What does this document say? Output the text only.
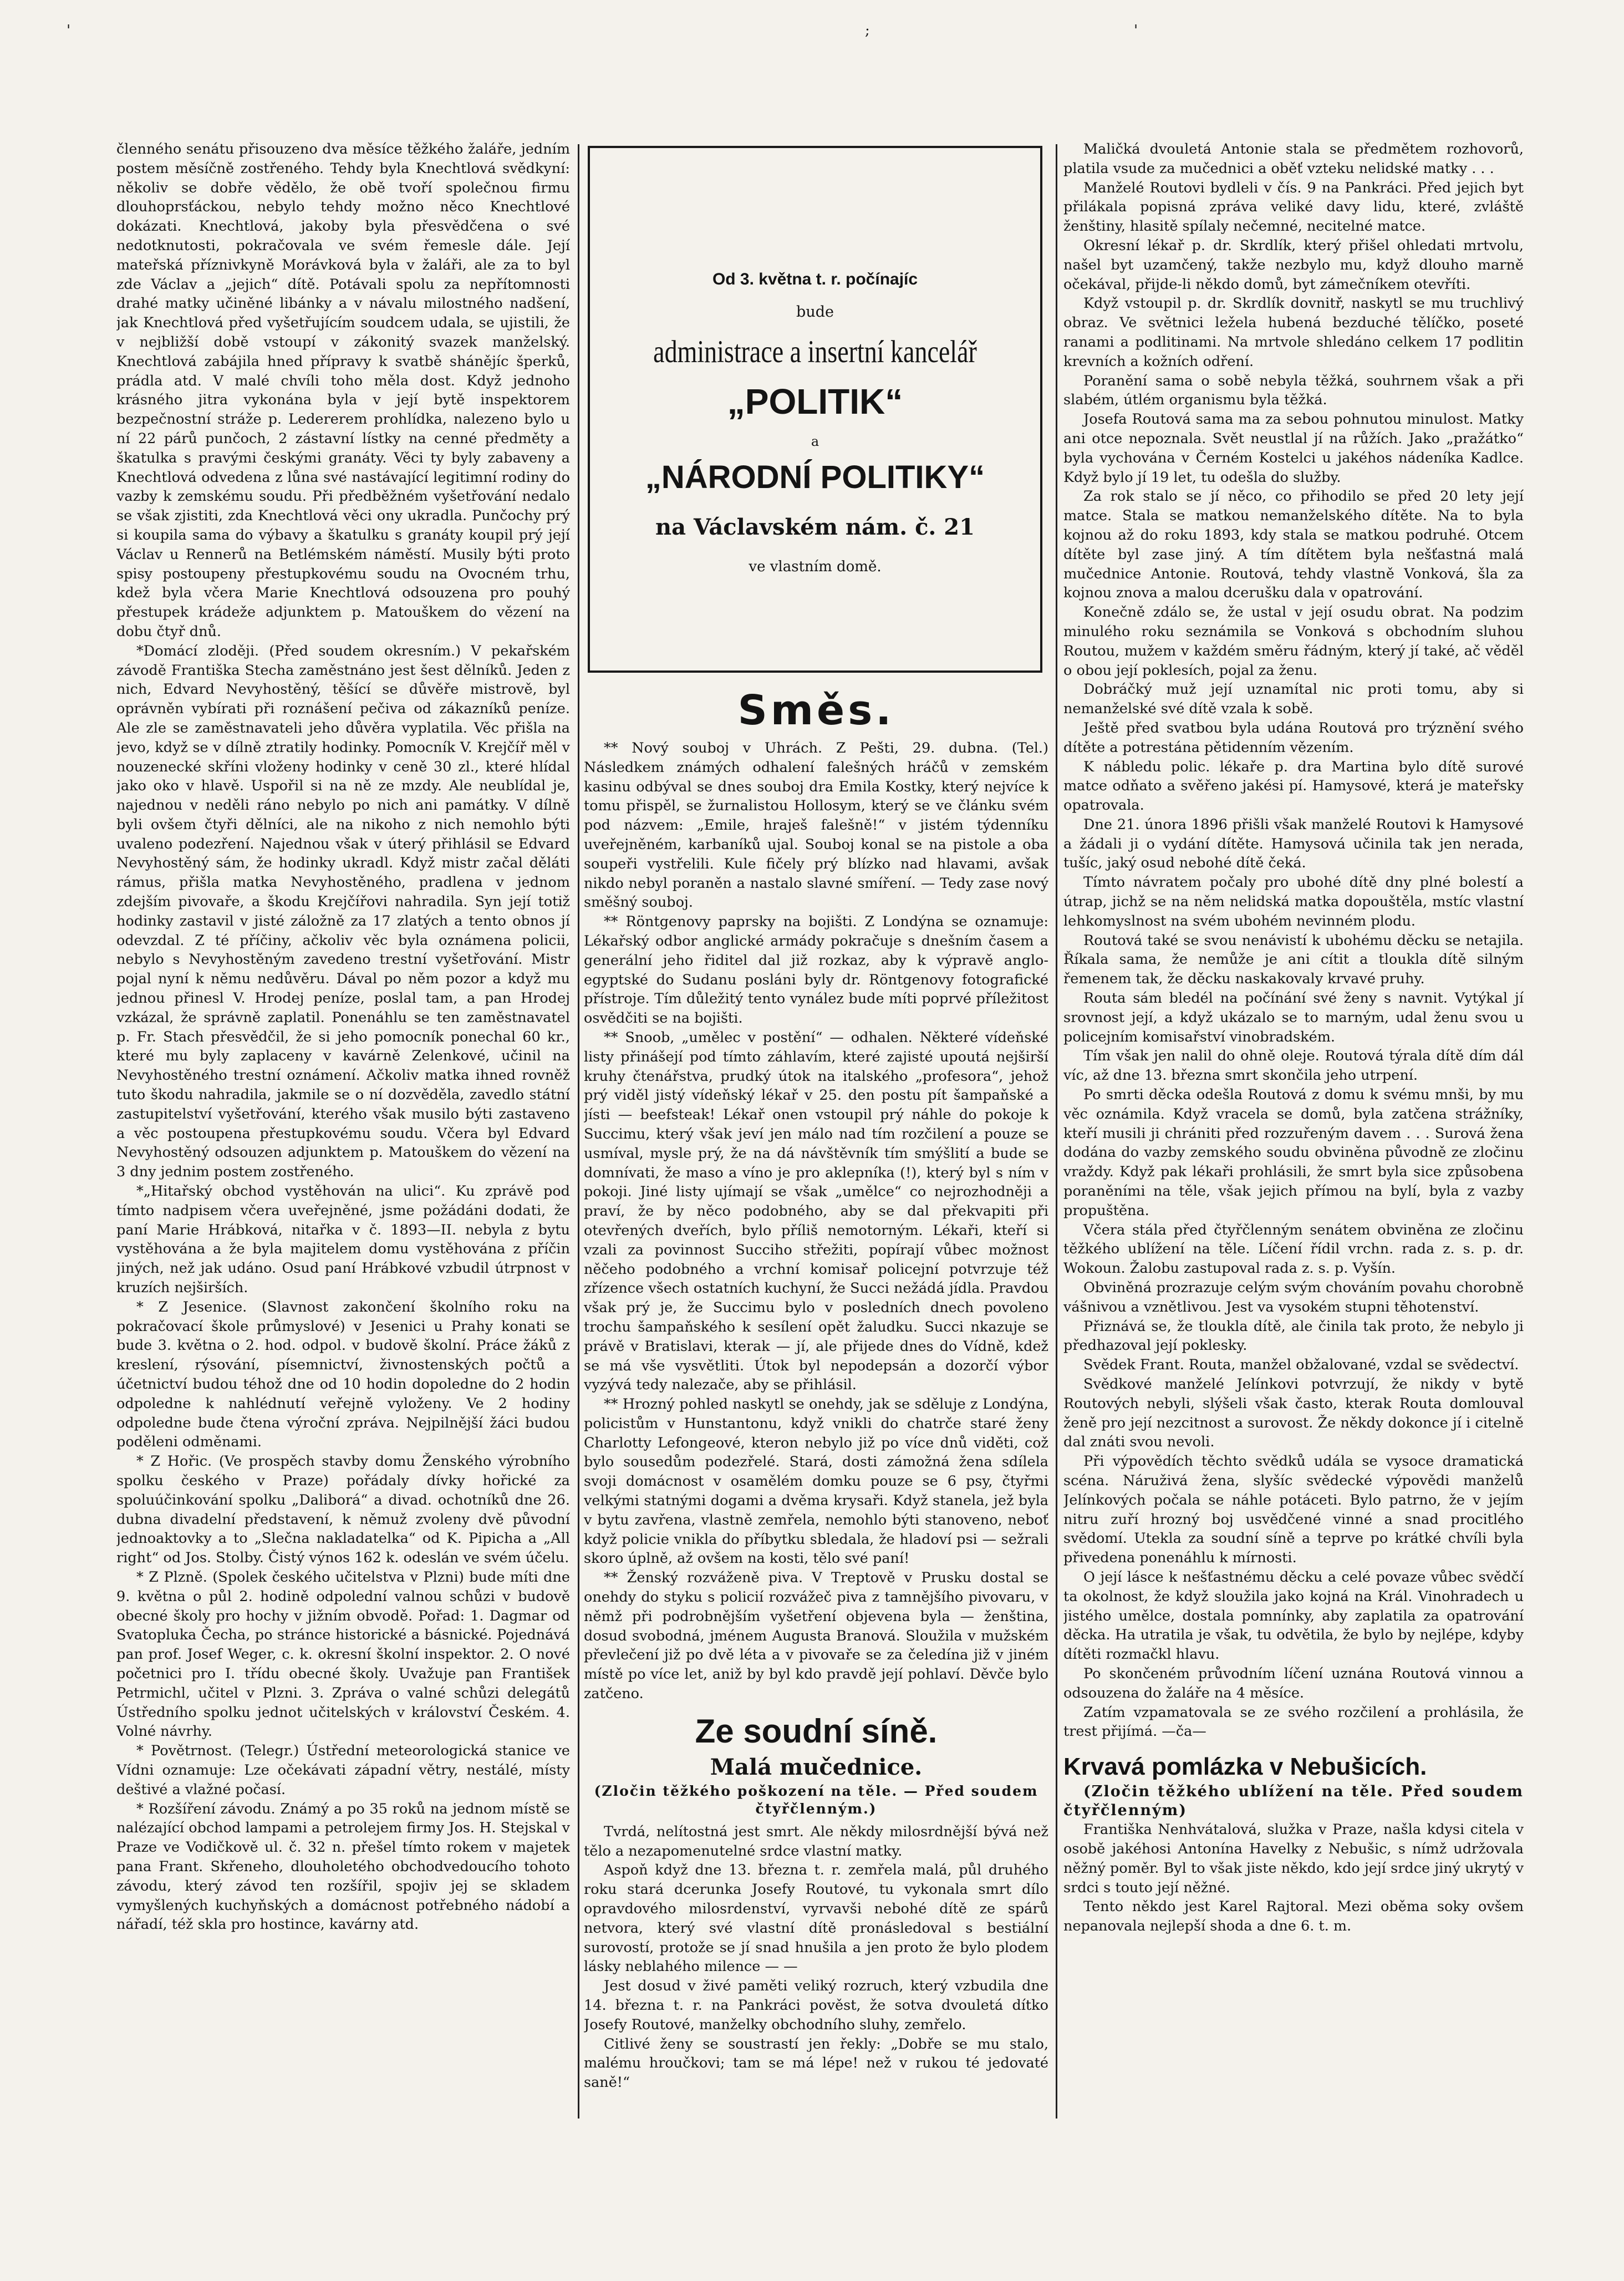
'	;	'

členného senátu přisouzeno dva měsíce těžkého žaláře, jedním postem měsíčně zostřeného. Tehdy byla Knechtlová svědkyní: několiv se dobře vědělo, že obě tvoří společnou firmu dlouhoprsťáckou, nebylo tehdy možno něco Knechtlové dokázati. Knechtlová, jakoby byla přesvědčena o své nedotknutosti, pokračovala ve svém řemesle dále. Její mateřská příznivkyně Morávková byla v žaláři, ale za to byl zde Václav a „jejich“ dítě. Potávali spolu za nepřítomnosti drahé matky učiněné libánky a v návalu milostného nadšení, jak Knechtlová před vyšetřujícím soudcem udala, se ujistili, že v nejbližší době vstoupí v zákonitý svazek manželský. Knechtlová zabájila hned přípravy k svatbě shánějíc šperků, prádla atd. V malé chvíli toho měla dost. Když jednoho krásného jitra vykonána byla v její bytě inspektorem bezpečnostní stráže p. Ledererem prohlídka, nalezeno bylo u ní 22 párů punčoch, 2 zástavní lístky na cenné předměty a škatulka s pravými českými granáty. Věci ty byly zabaveny a Knechtlová odvedena z lůna své nastávající legitimní rodiny do vazby k zemskému soudu. Při předběžném vyšetřování nedalo se však zjistiti, zda Knechtlová věci ony ukradla. Punčochy prý si koupila sama do výbavy a škatulku s granáty koupil prý její Václav u Rennerů na Betlémském náměstí. Musily býti proto spisy postoupeny přestupkovému soudu na Ovocném trhu, kdež byla včera Marie Knechtlová odsouzena pro pouhý přestupek krádeže adjunktem p. Matouškem do vězení na dobu čtyř dnů.

*Domácí zloději. (Před soudem okresním.) V pekařském závodě Františka Stecha zaměstnáno jest šest dělníků. Jeden z nich, Edvard Nevyhostěný, těšící se důvěře mistrově, byl oprávněn vybírati při roznášení pečiva od zákazníků peníze. Ale zle se zaměstnavateli jeho důvěra vyplatila. Věc přišla na jevo, když se v dílně ztratily hodinky. Pomocník V. Krejčíř měl v nouzenecké skříni vloženy hodinky v ceně 30 zl., které hlídal jako oko v hlavě. Uspořil si na ně ze mzdy. Ale neublídal je, najednou v neděli ráno nebylo po nich ani památky. V dílně byli ovšem čtyři dělníci, ale na nikoho z nich nemohlo býti uvaleno podezření. Najednou však v úterý přihlásil se Edvard Nevyhostěný sám, že hodinky ukradl. Když mistr začal děláti rámus, přišla matka Nevyhostěného, pradlena v jednom zdejším pivovaře, a škodu Krejčířovi nahradila. Syn její totiž hodinky zastavil v jisté záložně za 17 zlatých a tento obnos jí odevzdal. Z té příčiny, ačkoliv věc byla oznámena policii, nebylo s Nevyhostěným zavedeno trestní vyšetřování. Mistr pojal nyní k němu nedůvěru. Dával po něm pozor a když mu jednou přinesl V. Hrodej peníze, poslal tam, a pan Hrodej vzkázal, že správně zaplatil. Ponenáhlu se ten zaměstnavatel p. Fr. Stach přesvědčil, že si jeho pomocník ponechal 60 kr., které mu byly zaplaceny v kavárně Zelenkové, učinil na Nevyhostěného trestní oznámení. Ačkoliv matka ihned rovněž tuto škodu nahradila, jakmile se o ní dozvěděla, zavedlo státní zastupitelství vyšetřování, kterého však musilo býti zastaveno a věc postoupena přestupkovému soudu. Včera byl Edvard Nevyhostěný odsouzen adjunktem p. Matouškem do vězení na 3 dny jednim postem zostřeného.

*„Hitařský obchod vystěhován na ulici“. Ku zprávě pod tímto nadpisem včera uveřejněné, jsme požádáni dodati, že paní Marie Hrábková, nitařka v č. 1893—II. nebyla z bytu vystěhována a že byla majitelem domu vystěhována z příčin jiných, než jak udáno. Osud paní Hrábkové vzbudil útrpnost v kruzích nejširších.

* Z Jesenice. (Slavnost zakončení školního roku na pokračovací škole průmyslové) v Jesenici u Prahy konati se bude 3. května o 2. hod. odpol. v budově školní. Práce žáků z kreslení, rýsování, písemnictví, živnostenských počtů a účetnictví budou téhož dne od 10 hodin dopoledne do 2 hodin odpoledne k nahlédnutí veřejně vyloženy. Ve 2 hodiny odpoledne bude čtena výroční zpráva. Nejpilnější žáci budou poděleni odměnami.

* Z Hořic. (Ve prospěch stavby domu Ženského výrobního spolku českého v Praze) pořádaly dívky hořické za spoluúčinkování spolku „Daliborá“ a divad. ochotníků dne 26. dubna divadelní představení, k němuž zvoleny dvě původní jednoaktovky a to „Slečna nakladatelka“ od K. Pipicha a „All right“ od Jos. Stolby. Čistý výnos 162 k. odeslán ve svém účelu.

* Z Plzně. (Spolek českého učitelstva v Plzni) bude míti dne 9. května o půl 2. hodině odpolední valnou schůzi v budově obecné školy pro hochy v jižním obvodě. Pořad: 1. Dagmar od Svatopluka Čecha, po stránce historické a básnické. Pojednává pan prof. Josef Weger, c. k. okresní školní inspektor. 2. O nové početnici pro I. třídu obecné školy. Uvažuje pan František Petrmichl, učitel v Plzni. 3. Zpráva o valné schůzi delegátů Ústředního spolku jednot učitelských v království Českém. 4. Volné návrhy.

* Povětrnost. (Telegr.) Ústřední meteorologická stanice ve Vídni oznamuje: Lze očekávati západní větry, nestálé, místy deštivé a vlažné počasí.

* Rozšíření závodu. Známý a po 35 roků na jednom místě se nalézající obchod lampami a petrolejem firmy Jos. H. Stejskal v Praze ve Vodičkově ul. č. 32 n. přešel tímto rokem v majetek pana Frant. Skřeneho, dlouholetého obchodvedoucího tohoto závodu, který závod ten rozšířil, spojiv jej se skladem vymyšlených kuchyňských a domácnost potřebného nádobí a nářadí, též skla pro hostince, kavárny atd.

Od 3. května t. r. počínajíc
bude
administrace a insertní kancelář
„POLITIK“
a
„NÁRODNÍ POLITIKY“
na Václavském nám. č. 21
ve vlastním domě.
Směs.

** Nový souboj v Uhrách. Z Pešti, 29. dubna. (Tel.) Následkem známých odhalení falešných hráčů v zemském kasinu odbýval se dnes souboj dra Emila Kostky, který nejvíce k tomu přispěl, se žurnalistou Hollosym, který se ve článku svém pod názvem: „Emile, hraješ falešně!“ v jistém týdenníku uveřejněném, karbaníků ujal. Souboj konal se na pistole a oba soupeři vystřelili. Kule fičely prý blízko nad hlavami, avšak nikdo nebyl poraněn a nastalo slavné smíření. — Tedy zase nový směšný souboj.

** Röntgenovy paprsky na bojišti. Z Londýna se oznamuje: Lékařský odbor anglické armády pokračuje s dnešním časem a generální jeho řiditel dal již rozkaz, aby k výpravě anglo-egyptské do Sudanu posláni byly dr. Röntgenovy fotografické přístroje. Tím důležitý tento vynález bude míti poprvé příležitost osvědčiti se na bojišti.

** Snoob, „umělec v postění“ — odhalen. Některé vídeňské listy přinášejí pod tímto záhlavím, které zajisté upoutá nejširší kruhy čtenářstva, prudký útok na italského „profesora“, jehož prý viděl jistý vídeňský lékař v 25. den postu pít šampaňské a jísti — beefsteak! Lékař onen vstoupil prý náhle do pokoje k Succimu, který však jeví jen málo nad tím rozčilení a pouze se usmíval, mysle prý, že na dá návštěvník tím smýšlití a bude se domnívati, že maso a víno je pro aklepníka (!), který byl s ním v pokoji. Jiné listy ujímají se však „umělce“ co nejrozhodněji a praví, že by něco podobného, aby se dal překvapiti při otevřených dveřích, bylo příliš nemotorným. Lékaři, kteří si vzali za povinnost Succiho střežiti, popírají vůbec možnost něčeho podobného a vrchní komisař policejní potvrzuje též zřízence všech ostatních kuchyní, že Succi nežádá jídla. Pravdou však prý je, že Succimu bylo v posledních dnech povoleno trochu šampaňského k sesílení opět žaludku. Succi nkazuje se právě v Bratislavi, kterak — jí, ale přijede dnes do Vídně, kdež se má vše vysvětliti. Útok byl nepodepsán a dozorčí výbor vyzývá tedy nalezače, aby se přihlásil.

** Hrozný pohled naskytl se onehdy, jak se sděluje z Londýna, policistům v Hunstantonu, když vnikli do chatrče staré ženy Charlotty Lefongeové, kteron nebylo již po více dnů viděti, což bylo sousedům podezřelé. Stará, dosti zámožná žena sdílela svoji domácnost v osamělém domku pouze se 6 psy, čtyřmi velkými statnými dogami a dvěma krysaři. Když stanela, jež byla v bytu zavřena, vlastně zemřela, nemohlo býti stanoveno, neboť když policie vnikla do příbytku sbledala, že hladoví psi — sežrali skoro úplně, až ovšem na kosti, tělo své paní!

** Ženský rozváženě piva. V Treptově v Prusku dostal se onehdy do styku s policií rozvážeč piva z tamnějšího pivovaru, v němž při podrobnějším vyšetření objevena byla — ženština, dosud svobodná, jménem Augusta Branová. Sloužila v mužském převlečení již po dvě léta a v pivovaře se za čeledína již v jiném místě po více let, aniž by byl kdo pravdě její pohlaví. Děvče bylo zatčeno.

Ze soudní síně.
Malá mučednice.
(Zločin těžkého poškození na těle. — Před soudem čtyřčlenným.)

Tvrdá, nelítostná jest smrt. Ale někdy milosrdnější bývá než tělo a nezapomenutelné srdce vlastní matky.

Aspoň když dne 13. března t. r. zemřela malá, půl druhého roku stará dcerunka Josefy Routové, tu vykonala smrt dílo opravdového milosrdenství, vyrvavši nebohé dítě ze spárů netvora, který své vlastní dítě pronásledoval s bestiální surovostí, protože se jí snad hnušila a jen proto že bylo plodem lásky neblahého milence — —

Jest dosud v živé paměti veliký rozruch, který vzbudila dne 14. března t. r. na Pankráci pověst, že sotva dvouletá dítko Josefy Routové, manželky obchodního sluhy, zemřelo.

Citlivé ženy se soustrastí jen řekly: „Dobře se mu stalo, malému hroučkovi; tam se má lépe! než v rukou té jedovaté saně!“

Maličká dvouletá Antonie stala se předmětem rozhovorů, platila vsude za mučednici a oběť vzteku nelidské matky . . .

Manželé Routovi bydleli v čís. 9 na Pankráci. Před jejich byt přilákala popisná zpráva veliké davy lidu, které, zvláště ženštiny, hlasitě spílaly nečemné, necitelné matce.

Okresní lékař p. dr. Skrdlík, který přišel ohledati mrtvolu, našel byt uzamčený, takže nezbylo mu, když dlouho marně očekával, přijde-li někdo domů, byt zámečníkem otevříti.

Když vstoupil p. dr. Skrdlík dovnitř, naskytl se mu truchlivý obraz. Ve světnici ležela hubená bezduché tělíčko, poseté ranami a podlitinami. Na mrtvole shledáno celkem 17 podlitin krevních a kožních odření.

Poranění sama o sobě nebyla těžká, souhrnem však a při slabém, útlém organismu byla těžká.

Josefa Routová sama ma za sebou pohnutou minulost. Matky ani otce nepoznala. Svět neustlal jí na růžích. Jako „pražátko“ byla vychována v Černém Kostelci u jakéhos nádeníka Kadlce. Když bylo jí 19 let, tu odešla do služby.

Za rok stalo se jí něco, co přihodilo se před 20 lety její matce. Stala se matkou nemanželského dítěte. Na to byla kojnou až do roku 1893, kdy stala se matkou podruhé. Otcem dítěte byl zase jiný. A tím dítětem byla nešťastná malá mučednice Antonie. Routová, tehdy vlastně Vonková, šla za kojnou znova a malou dcerušku dala v opatrování.

Konečně zdálo se, že ustal v její osudu obrat. Na podzim minulého roku seznámila se Vonková s obchodním sluhou Routou, mužem v každém směru řádným, který jí také, ač věděl o obou její poklesích, pojal za ženu.

Dobráčký muž její uznamítal nic proti tomu, aby si nemanželské své dítě vzala k sobě.

Ještě před svatbou byla udána Routová pro trýznění svého dítěte a potrestána pětidenním vězením.

K nábledu polic. lékaře p. dra Martina bylo dítě surové matce odňato a svěřeno jakési pí. Hamysové, která je mateřsky opatrovala.

Dne 21. února 1896 přišli však manželé Routovi k Hamysové a žádali ji o vydání dítěte. Hamysová učinila tak jen nerada, tušíc, jaký osud nebohé dítě čeká.

Tímto návratem počaly pro ubohé dítě dny plné bolestí a útrap, jichž se na něm nelidská matka dopouštěla, mstíc vlastní lehkomyslnost na svém ubohém nevinném plodu.

Routová také se svou nenávistí k ubohému děcku se netajila. Říkala sama, že nemůže je ani cítit a tloukla dítě silným řemenem tak, že děcku naskakovaly krvavé pruhy.

Routa sám bledél na počínání své ženy s navnit. Vytýkal jí srovnost její, a když ukázalo se to marným, udal ženu svou u policejním komisařství vinobradském.

Tím však jen nalil do ohně oleje. Routová týrala dítě dím dál víc, až dne 13. března smrt skončila jeho utrpení.

Po smrti děcka odešla Routová z domu k svému mnši, by mu věc oznámila. Když vracela se domů, byla zatčena strážníky, kteří musili ji chrániti před rozzuřeným davem . . . Surová žena dodána do vazby zemského soudu obviněna původně ze zločinu vraždy. Když pak lékaři prohlásili, že smrt byla sice způsobena poraněními na těle, však jejich přímou na bylí, byla z vazby propuštěna.

Včera stála před čtyřčlenným senátem obviněna ze zločinu těžkého ublížení na těle. Líčení řídil vrchn. rada z. s. p. dr. Wokoun. Žalobu zastupoval rada z. s. p. Vyšín.

Obviněná prozrazuje celým svým chováním povahu chorobně vášnivou a vznětlivou. Jest va vysokém stupni těhotenství.

Přiznává se, že tloukla dítě, ale činila tak proto, že nebylo ji předhazoval její poklesky.

Svědek Frant. Routa, manžel obžalované, vzdal se svědectví.

Svědkové manželé Jelínkovi potvrzují, že nikdy v bytě Routových nebyli, slýšeli však často, kterak Routa domlouval ženě pro její nezcitnost a surovost. Že někdy dokonce jí i citelně dal znáti svou nevoli.

Při výpovědích těchto svědků udála se vysoce dramatická scéna. Náruživá žena, slyšíc svědecké výpovědi manželů Jelínkových počala se náhle potáceti. Bylo patrno, že v jejím nitru zuří hrozný boj usvědčené vinné a snad procitlého svědomí. Utekla za soudní síně a teprve po krátké chvíli byla přivedena ponenáhlu k mírnosti.

O její lásce k nešťastnému děcku a celé povaze vůbec svědčí ta okolnost, že když sloužila jako kojná na Král. Vinohradech u jistého umělce, dostala pomnínky, aby zaplatila za opatrování děcka. Ha utratila je však, tu odvětila, že bylo by nejlépe, kdyby dítěti rozmačkl hlavu.

Po skončeném průvodním líčení uznána Routová vinnou a odsouzena do žaláře na 4 měsíce.

Zatím vzpamatovala se ze svého rozčilení a prohlásila, že trest přijímá. —ča—

Krvavá pomlázka v Nebušicích.

(Zločin těžkého ublížení na těle. Před soudem čtyřčlenným)

Františka Nenhvátalová, služka v Praze, našla kdysi citela v osobě jakéhosi Antonína Havelky z Nebušic, s nímž udržovala něžný poměr. Byl to však jiste někdo, kdo její srdce jiný ukrytý v srdci s touto její něžné.

Tento někdo jest Karel Rajtoral. Mezi oběma soky ovšem nepanovala nejlepší shoda a dne 6. t. m.
